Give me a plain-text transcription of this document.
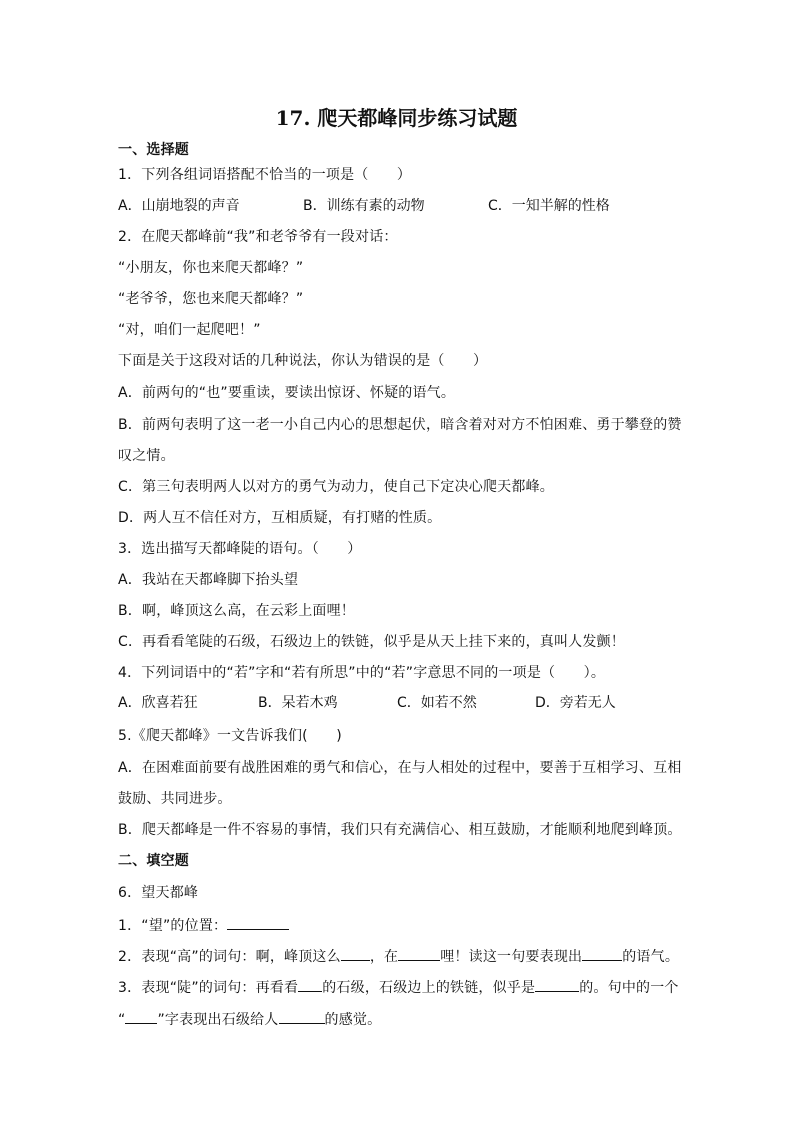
17. 爬天都峰同步练习试题
一、选择题
1．下列各组词语搭配不恰当的一项是（　　）
A．山崩地裂的声音	B．训练有素的动物	C．一知半解的性格
2．在爬天都峰前“我”和老爷爷有一段对话：
“小朋友，你也来爬天都峰？”
“老爷爷，您也来爬天都峰？”
“对，咱们一起爬吧！”
下面是关于这段对话的几种说法，你认为错误的是（　　）
A．前两句的“也”要重读，要读出惊讶、怀疑的语气。
B．前两句表明了这一老一小自己内心的思想起伏，暗含着对对方不怕困难、勇于攀登的赞
叹之情。
C．第三句表明两人以对方的勇气为动力，使自己下定决心爬天都峰。
D．两人互不信任对方，互相质疑，有打赌的性质。
3．选出描写天都峰陡的语句。（　　）
A．我站在天都峰脚下抬头望
B．啊，峰顶这么高，在云彩上面哩！
C．再看看笔陡的石级，石级边上的铁链，似乎是从天上挂下来的，真叫人发颤！
4．下列词语中的“若”字和“若有所思”中的“若”字意思不同的一项是（　　）。
A．欣喜若狂	B．呆若木鸡	C．如若不然	D．旁若无人
5.《爬天都峰》一文告诉我们(　　)
A．在困难面前要有战胜困难的勇气和信心，在与人相处的过程中，要善于互相学习、互相
鼓励、共同进步。
B．爬天都峰是一件不容易的事情，我们只有充满信心、相互鼓励，才能顺利地爬到峰顶。
二、填空题
6．望天都峰
1．“望”的位置：
2．表现“高”的词句：啊，峰顶这么 ，在	哩！读这一句要表现出	的语气。
3．表现“陡”的词句：再看看 的石级，石级边上的铁链，似乎是	的。句中的一个
“ ”字表现出石级给人	的感觉。
